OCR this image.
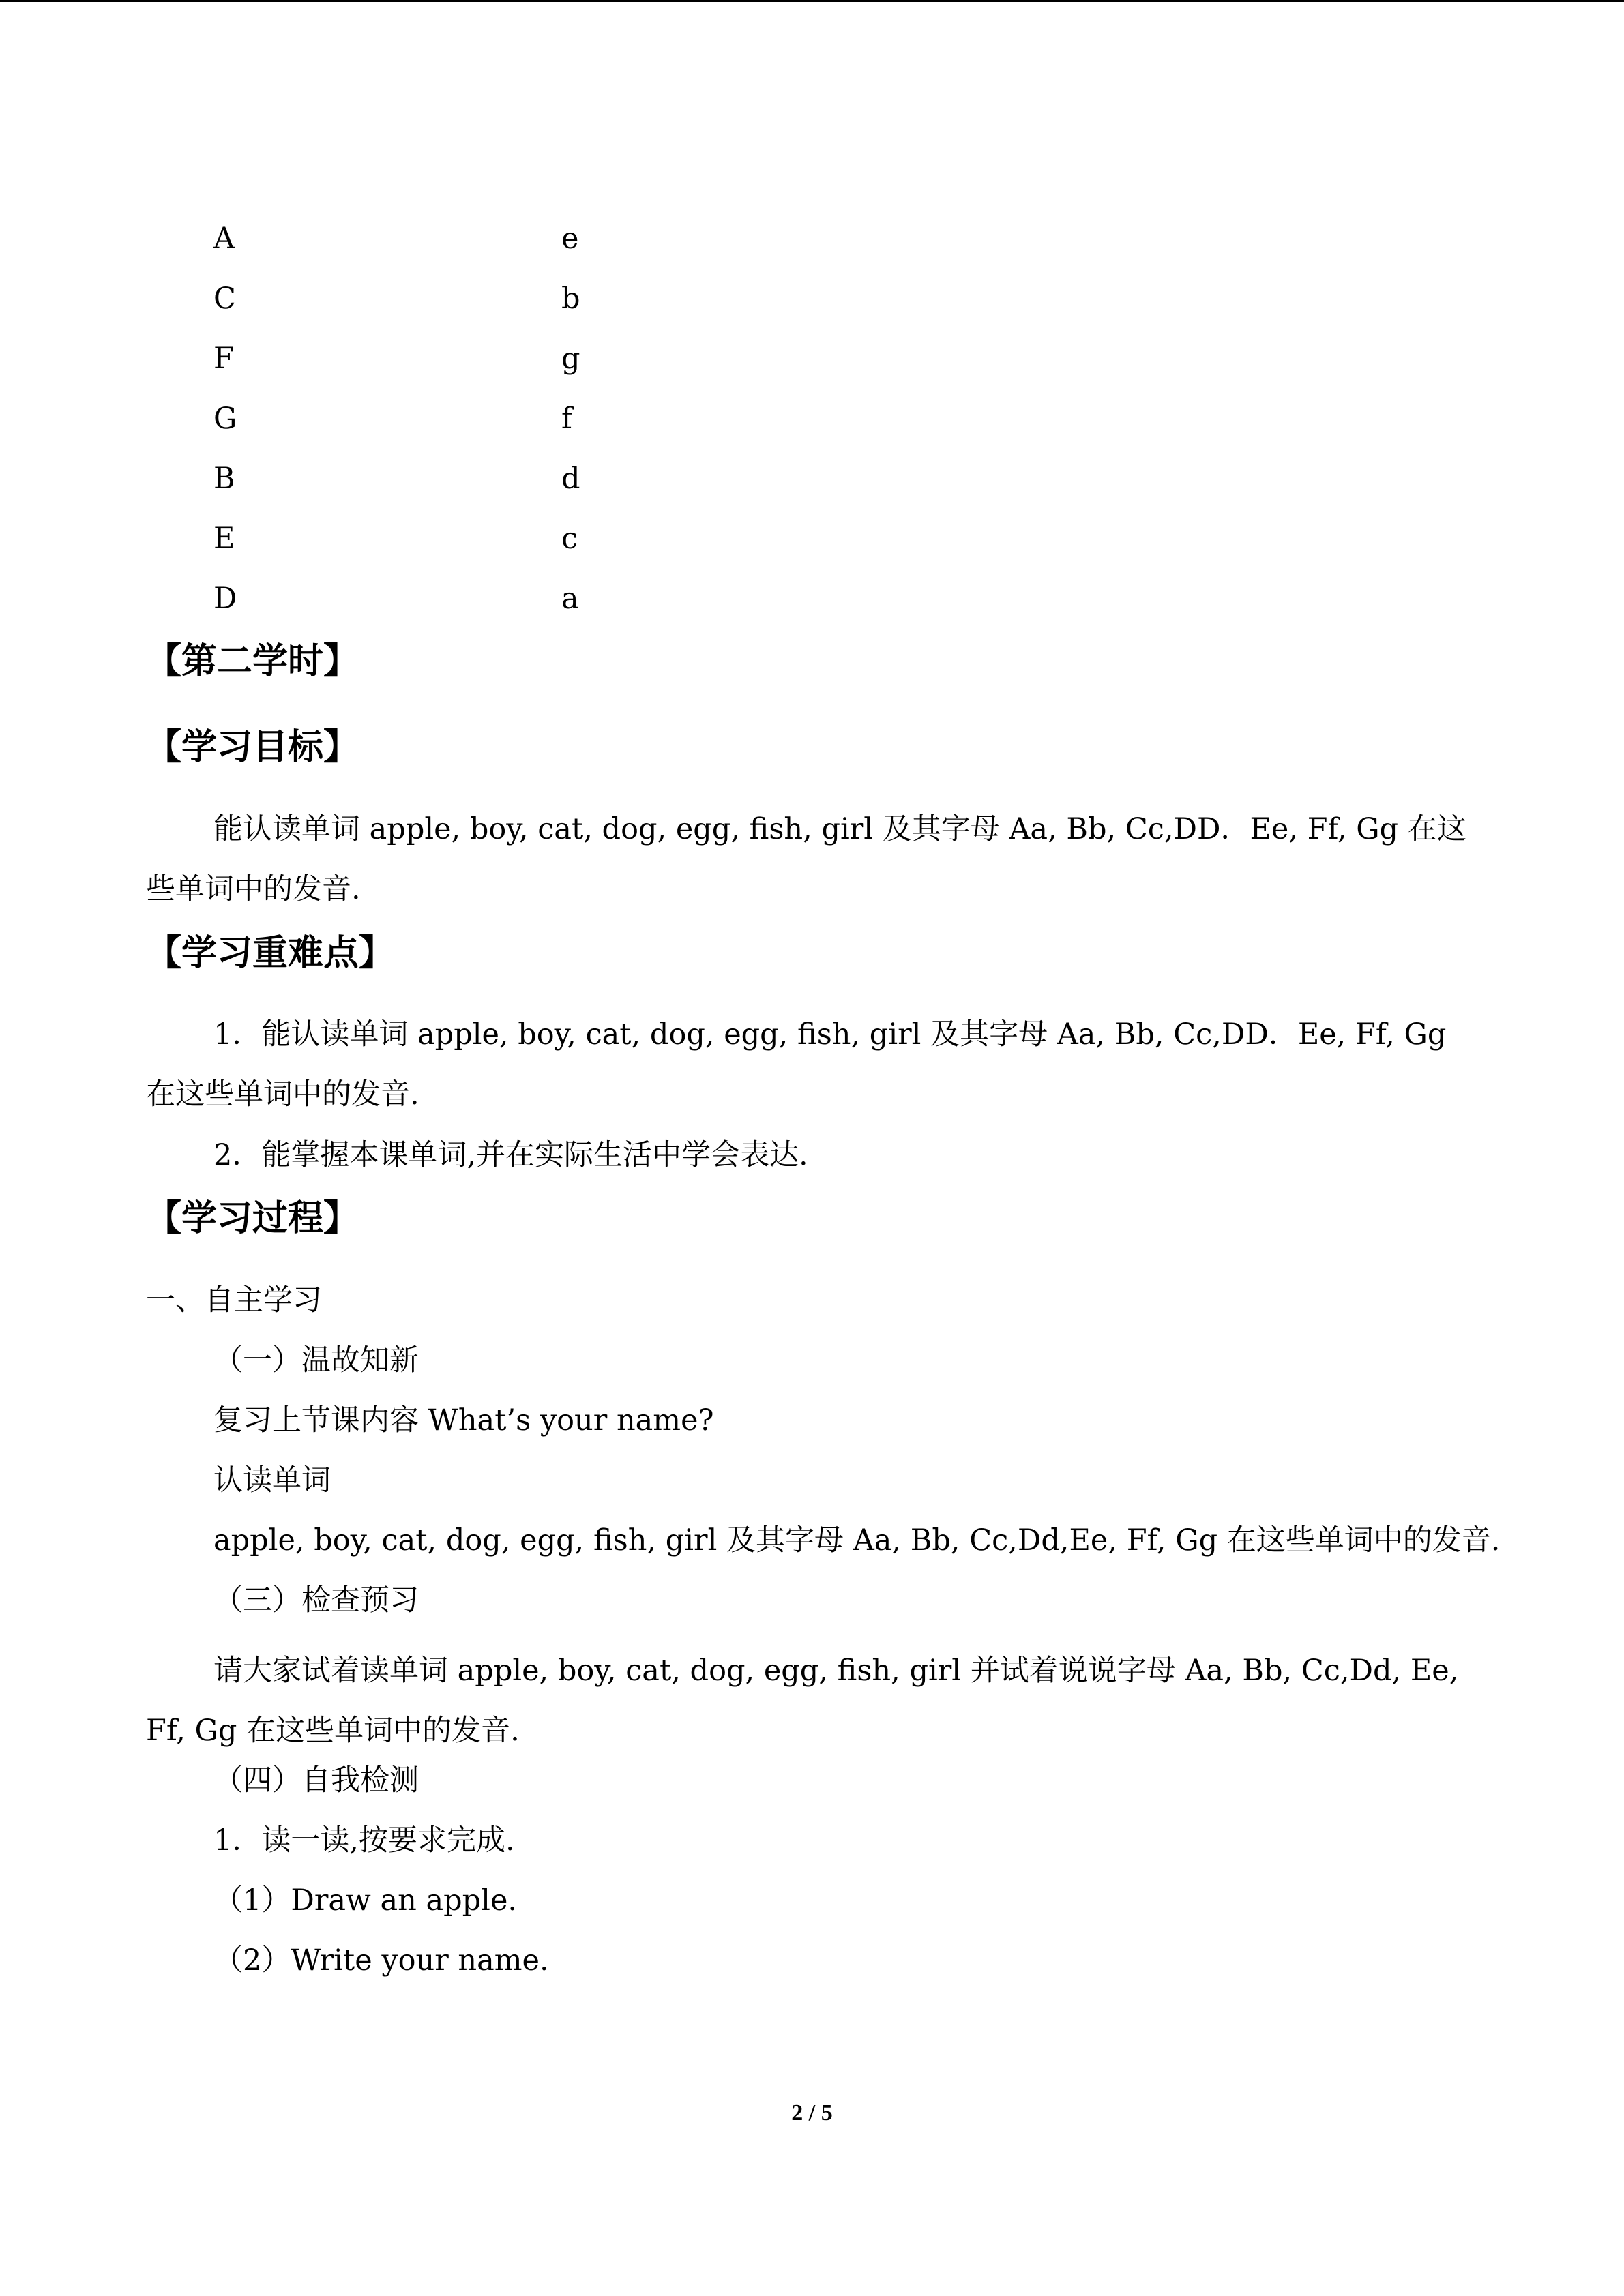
A	e
C	b
F	g
G	f
B	d
E	c
D	a
【第二学时】
【学习目标】
能认读单词 apple, boy, cat, dog, egg, fish, girl 及其字母 Aa, Bb, Cc,DD．Ee, Ff, Gg 在这些单词中的发音.
【学习重难点】
1．能认读单词 apple, boy, cat, dog, egg, fish, girl 及其字母 Aa, Bb, Cc,DD．Ee, Ff, Gg 在这些单词中的发音.
2．能掌握本课单词,并在实际生活中学会表达.
【学习过程】
一、自主学习
（一）温故知新
复习上节课内容 What’s your name?
认读单词
apple, boy, cat, dog, egg, fish, girl 及其字母 Aa, Bb, Cc,Dd,Ee, Ff, Gg 在这些单词中的发音.
（三）检查预习
请大家试着读单词 apple, boy, cat, dog, egg, fish, girl 并试着说说字母 Aa, Bb, Cc,Dd, Ee, Ff, Gg 在这些单词中的发音.
（四）自我检测
1．读一读,按要求完成.
（1）Draw an apple.
（2）Write your name.
2 / 5
